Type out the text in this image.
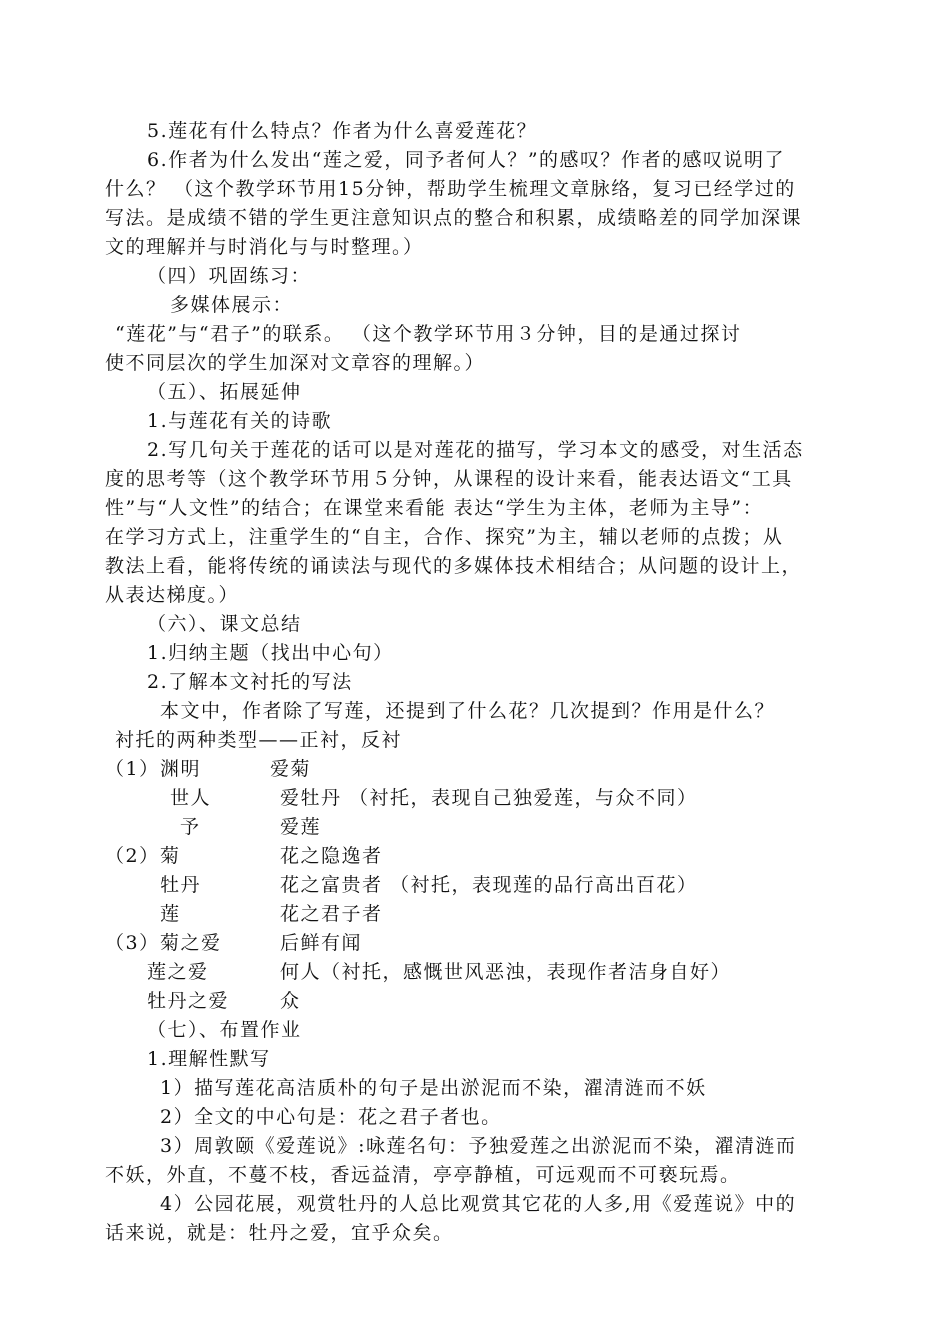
5.莲花有什么特点？作者为什么喜爱莲花？
6.作者为什么发出“莲之爱，同予者何人？”的感叹？作者的感叹说明了
什么？ （这个教学环节用15分钟，帮助学生梳理文章脉络，复习已经学过的
写法。是成绩不错的学生更注意知识点的整合和积累，成绩略差的同学加深课
文的理解并与时消化与与时整理。）
（四）巩固练习：
多媒体展示：
“莲花”与“君子”的联系。 （这个教学环节用３分钟，目的是通过探讨
使不同层次的学生加深对文章容的理解。）
（五）、拓展延伸
1.与莲花有关的诗歌
2.写几句关于莲花的话可以是对莲花的描写，学习本文的感受，对生活态
度的思考等（这个教学环节用５分钟，从课程的设计来看，能表达语文“工具
性”与“人文性”的结合；在课堂来看能 表达“学生为主体，老师为主导”：
在学习方式上，注重学生的“自主，合作、探究”为主，辅以老师的点拨；从
教法上看，能将传统的诵读法与现代的多媒体技术相结合；从问题的设计上，
从表达梯度。）
（六）、课文总结
1.归纳主题（找出中心句）
2.了解本文衬托的写法
本文中，作者除了写莲，还提到了什么花？几次提到？作用是什么？
衬托的两种类型——正衬，反衬
（1） 渊明	爱菊
世人	爱牡丹 （衬托，表现自己独爱莲，与众不同）
予	爱莲
（2） 菊	花之隐逸者
牡丹	花之富贵者 （衬托，表现莲的品行高出百花）
莲	花之君子者
（3） 菊之爱	后鲜有闻
莲之爱	何人（衬托，感慨世风恶浊，表现作者洁身自好）
牡丹之爱	众
（七）、布置作业
1.理解性默写
1）描写莲花高洁质朴的句子是出淤泥而不染，濯清涟而不妖
2）全文的中心句是：花之君子者也。
3）周敦颐《爱莲说》:咏莲名句：予独爱莲之出淤泥而不染，濯清涟而
不妖，外直，不蔓不枝，香远益清，亭亭静植，可远观而不可亵玩焉。
4）公园花展，观赏牡丹的人总比观赏其它花的人多,用《爱莲说》中的
话来说，就是：牡丹之爱，宜乎众矣。
